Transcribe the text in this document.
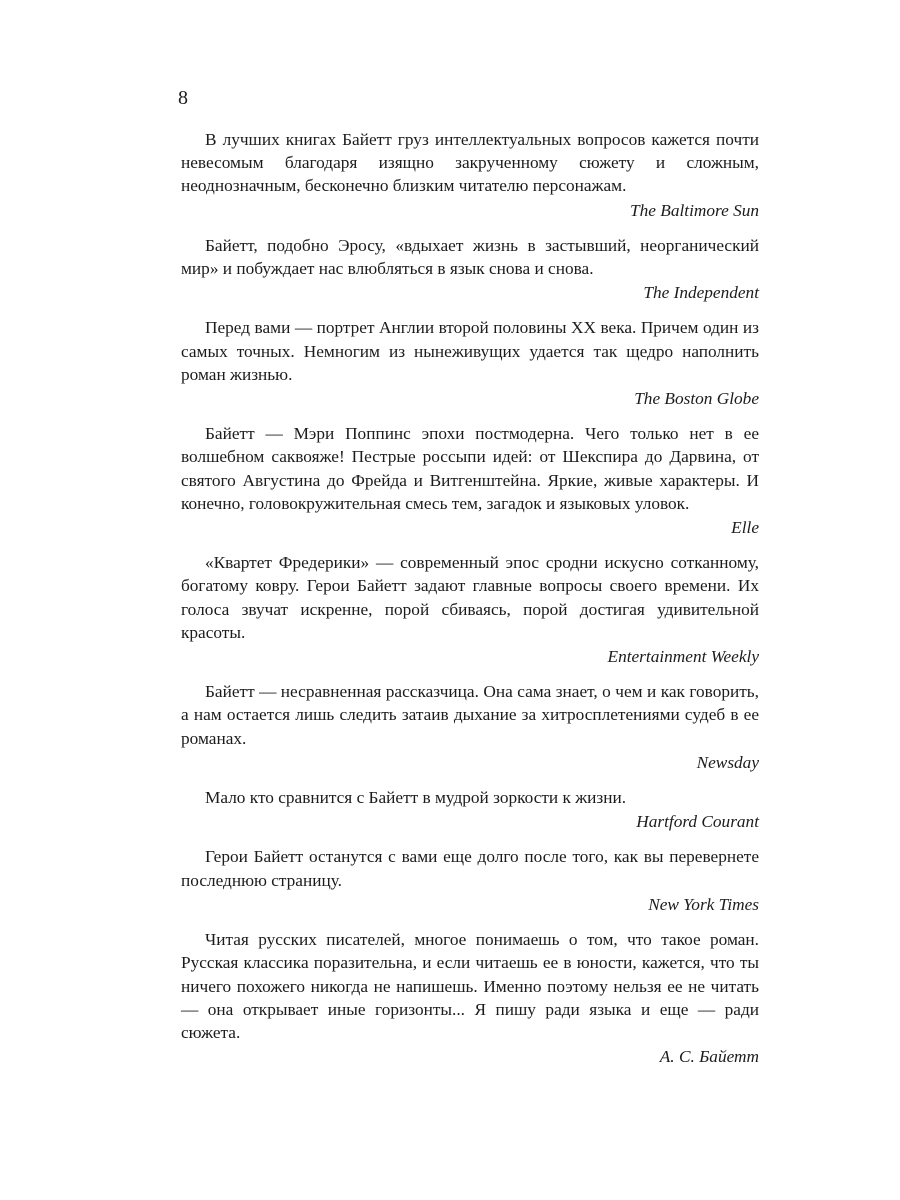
8

В лучших книгах Байетт груз интеллектуальных вопросов кажется почти невесомым благодаря изящно закрученному сюжету и сложным, неоднозначным, бесконечно близким читателю персонажам.

The Baltimore Sun

Байетт, подобно Эросу, «вдыхает жизнь в застывший, неорганический мир» и побуждает нас влюбляться в язык снова и снова.

The Independent

Перед вами — портрет Англии второй половины XX века. Причем один из самых точных. Немногим из нынеживущих удается так щедро наполнить роман жизнью.

The Boston Globe

Байетт — Мэри Поппинс эпохи постмодерна. Чего только нет в ее волшебном саквояже! Пестрые россыпи идей: от Шекспира до Дарвина, от святого Августина до Фрейда и Витгенштейна. Яркие, живые характеры. И конечно, головокружительная смесь тем, загадок и языковых уловок.

Elle

«Квартет Фредерики» — современный эпос сродни искусно сотканному, богатому ковру. Герои Байетт задают главные вопросы своего времени. Их голоса звучат искренне, порой сбиваясь, порой достигая удивительной красоты.

Entertainment Weekly

Байетт — несравненная рассказчица. Она сама знает, о чем и как говорить, а нам остается лишь следить затаив дыхание за хитросплетениями судеб в ее романах.

Newsday

Мало кто сравнится с Байетт в мудрой зоркости к жизни.

Hartford Courant

Герои Байетт останутся с вами еще долго после того, как вы перевернете последнюю страницу.

New York Times

Читая русских писателей, многое понимаешь о том, что такое роман. Русская классика поразительна, и если читаешь ее в юности, кажется, что ты ничего похожего никогда не напишешь. Именно поэтому нельзя ее не читать — она открывает иные горизонты... Я пишу ради языка и еще — ради сюжета.

А. С. Байетт
